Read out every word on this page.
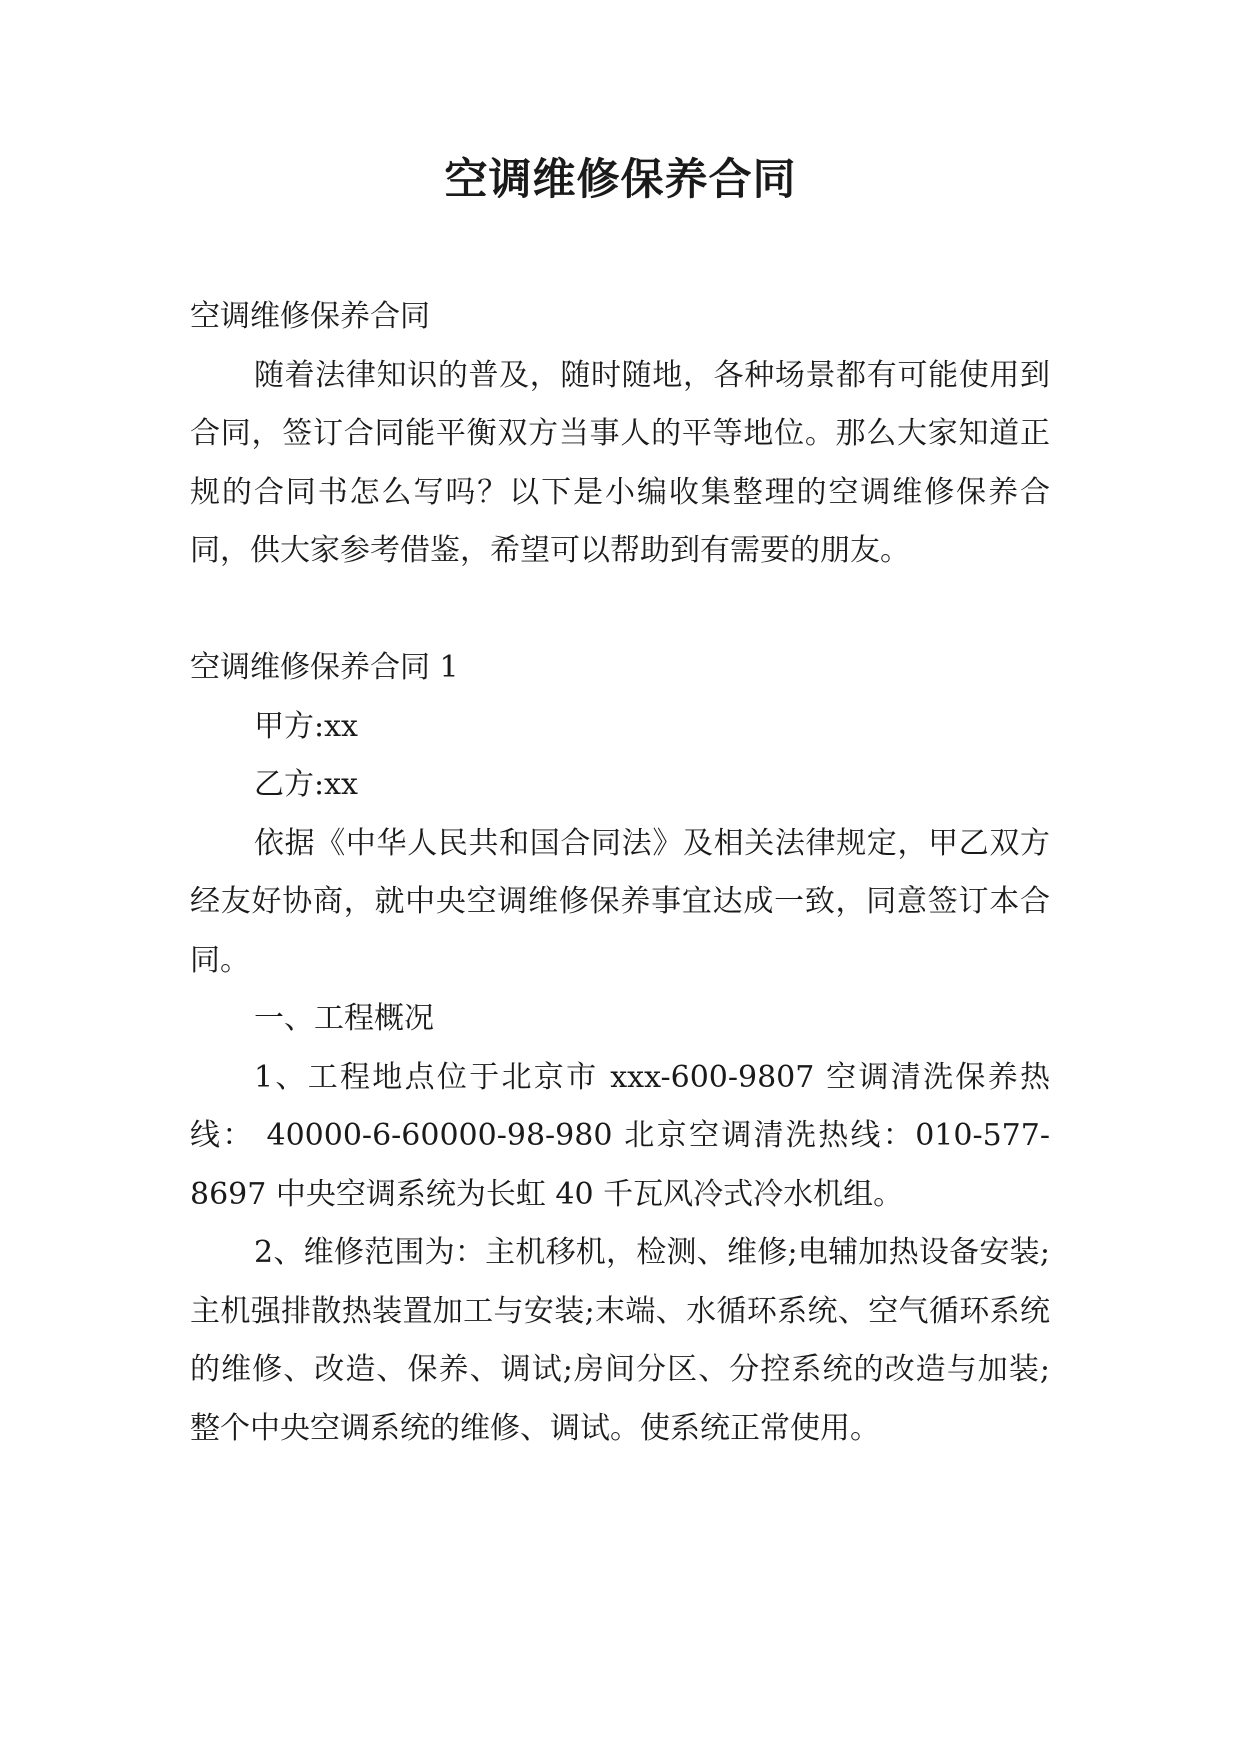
空调维修保养合同

空调维修保养合同

随着法律知识的普及，随时随地，各种场景都有可能使用到合同，签订合同能平衡双方当事人的平等地位。那么大家知道正规的合同书怎么写吗？以下是小编收集整理的空调维修保养合同，供大家参考借鉴，希望可以帮助到有需要的朋友。

空调维修保养合同 1

甲方:xx

乙方:xx

依据《中华人民共和国合同法》及相关法律规定，甲乙双方经友好协商，就中央空调维修保养事宜达成一致，同意签订本合同。

一、工程概况

1、工程地点位于北京市 xxx-600-9807 空调清洗保养热线： 40000-6-60000-98-980 北京空调清洗热线：010-577-8697 中央空调系统为长虹 40 千瓦风冷式冷水机组。

2、维修范围为：主机移机，检测、维修;电辅加热设备安装;主机强排散热装置加工与安装;末端、水循环系统、空气循环系统的维修、改造、保养、调试;房间分区、分控系统的改造与加装;整个中央空调系统的维修、调试。使系统正常使用。
